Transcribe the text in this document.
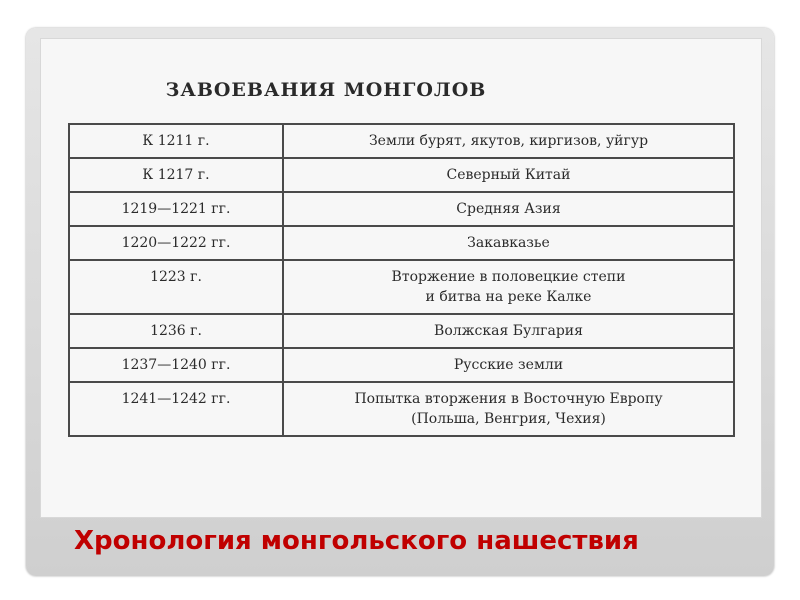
ЗАВОЕВАНИЯ МОНГОЛОВ
К 1211 г.	Земли бурят, якутов, киргизов, уйгур
К 1217 г.	Северный Китай
1219—1221 гг.	Средняя Азия
1220—1222 гг.	Закавказье
1223 г.	Вторжение в половецкие степи
и битва на реке Калке
1236 г.	Волжская Булгария
1237—1240 гг.	Русские земли
1241—1242 гг.	Попытка вторжения в Восточную Европу
(Польша, Венгрия, Чехия)
Хронология монгольского нашествия
